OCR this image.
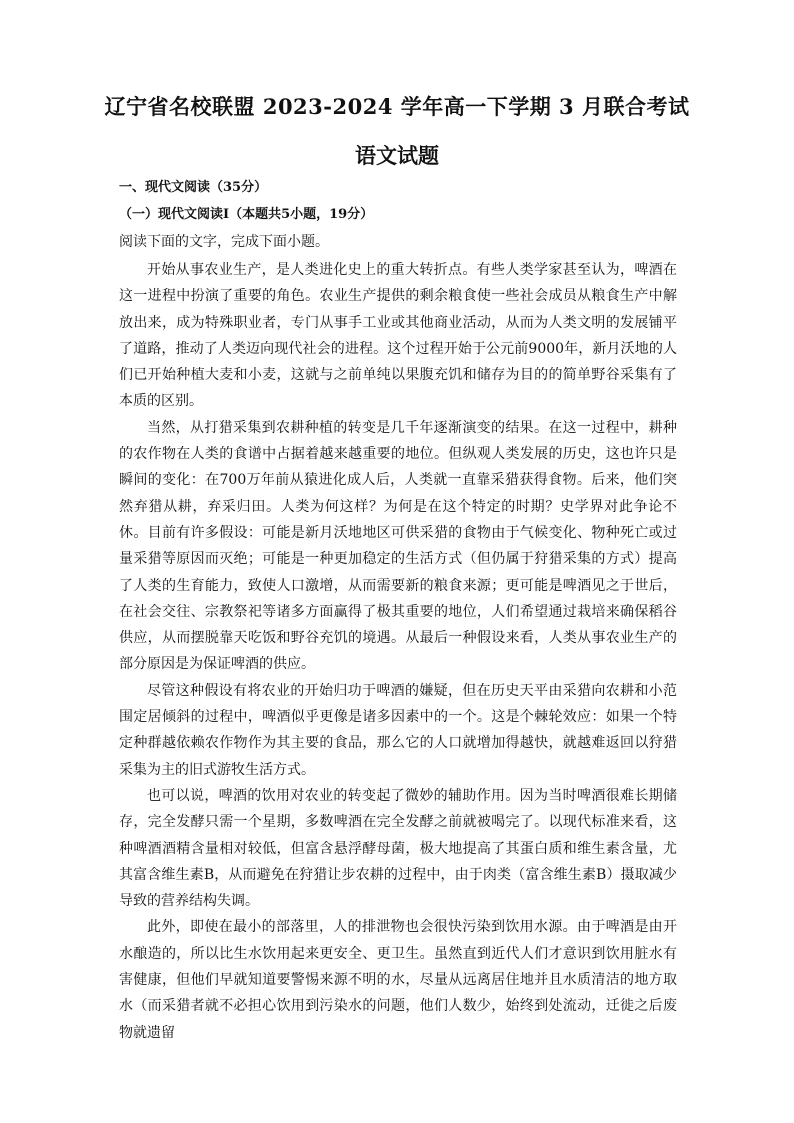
辽宁省名校联盟 2023-2024 学年高一下学期 3 月联合考试
语文试题
一、现代文阅读（35分）
（一）现代文阅读Ⅰ（本题共5小题，19分）
阅读下面的文字，完成下面小题。

开始从事农业生产，是人类进化史上的重大转折点。有些人类学家甚至认为，啤酒在这一进程中扮演了重要的角色。农业生产提供的剩余粮食使一些社会成员从粮食生产中解放出来，成为特殊职业者，专门从事手工业或其他商业活动，从而为人类文明的发展铺平了道路，推动了人类迈向现代社会的进程。这个过程开始于公元前9000年，新月沃地的人们已开始种植大麦和小麦，这就与之前单纯以果腹充饥和储存为目的的简单野谷采集有了本质的区别。

当然，从打猎采集到农耕种植的转变是几千年逐渐演变的结果。在这一过程中，耕种的农作物在人类的食谱中占据着越来越重要的地位。但纵观人类发展的历史，这也许只是瞬间的变化：在700万年前从猿进化成人后，人类就一直靠采猎获得食物。后来，他们突然弃猎从耕，弃采归田。人类为何这样？为何是在这个特定的时期？史学界对此争论不休。目前有许多假设：可能是新月沃地地区可供采猎的食物由于气候变化、物种死亡或过量采猎等原因而灭绝；可能是一种更加稳定的生活方式（但仍属于狩猎采集的方式）提高了人类的生育能力，致使人口激增，从而需要新的粮食来源；更可能是啤酒见之于世后，在社会交往、宗教祭祀等诸多方面赢得了极其重要的地位，人们希望通过栽培来确保稻谷供应，从而摆脱靠天吃饭和野谷充饥的境遇。从最后一种假设来看，人类从事农业生产的部分原因是为保证啤酒的供应。

尽管这种假设有将农业的开始归功于啤酒的嫌疑，但在历史天平由采猎向农耕和小范围定居倾斜的过程中，啤酒似乎更像是诸多因素中的一个。这是个棘轮效应：如果一个特定种群越依赖农作物作为其主要的食品，那么它的人口就增加得越快，就越难返回以狩猎采集为主的旧式游牧生活方式。

也可以说，啤酒的饮用对农业的转变起了微妙的辅助作用。因为当时啤酒很难长期储存，完全发酵只需一个星期，多数啤酒在完全发酵之前就被喝完了。以现代标准来看，这种啤酒酒精含量相对较低，但富含悬浮酵母菌，极大地提高了其蛋白质和维生素含量，尤其富含维生素B，从而避免在狩猎让步农耕的过程中，由于肉类（富含维生素B）摄取减少导致的营养结构失调。

此外，即使在最小的部落里，人的排泄物也会很快污染到饮用水源。由于啤酒是由开水酿造的，所以比生水饮用起来更安全、更卫生。虽然直到近代人们才意识到饮用脏水有害健康，但他们早就知道要警惕来源不明的水，尽量从远离居住地并且水质清洁的地方取水（而采猎者就不必担心饮用到污染水的问题，他们人数少，始终到处流动，迁徙之后废物就遗留
